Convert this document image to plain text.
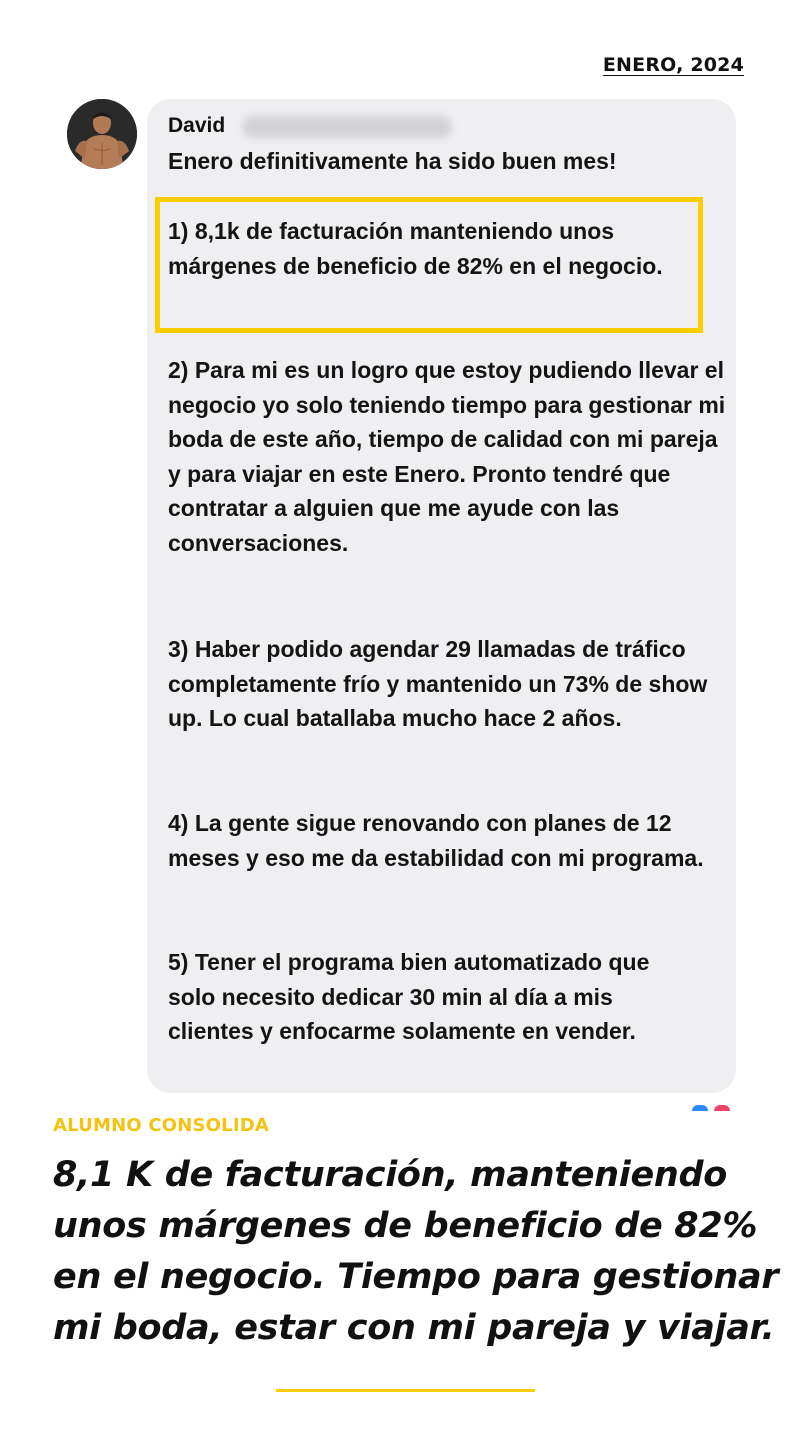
ENERO, 2024
David

Enero definitivamente ha sido buen mes!

1) 8,1k de facturación manteniendo unos márgenes de beneficio de 82% en el negocio.

2) Para mi es un logro que estoy pudiendo llevar el negocio yo solo teniendo tiempo para gestionar mi boda de este año, tiempo de calidad con mi pareja y para viajar en este Enero. Pronto tendré que contratar a alguien que me ayude con las conversaciones.

3) Haber podido agendar 29 llamadas de tráfico completamente frío y mantenido un 73% de show up. Lo cual batallaba mucho hace 2 años.

4) La gente sigue renovando con planes de 12 meses y eso me da estabilidad con mi programa.

5) Tener el programa bien automatizado que solo necesito dedicar 30 min al día a mis clientes y enfocarme solamente en vender.

ALUMNO CONSOLIDA

8,1 K de facturación, manteniendo unos márgenes de beneficio de 82% en el negocio. Tiempo para gestionar mi boda, estar con mi pareja y viajar.
